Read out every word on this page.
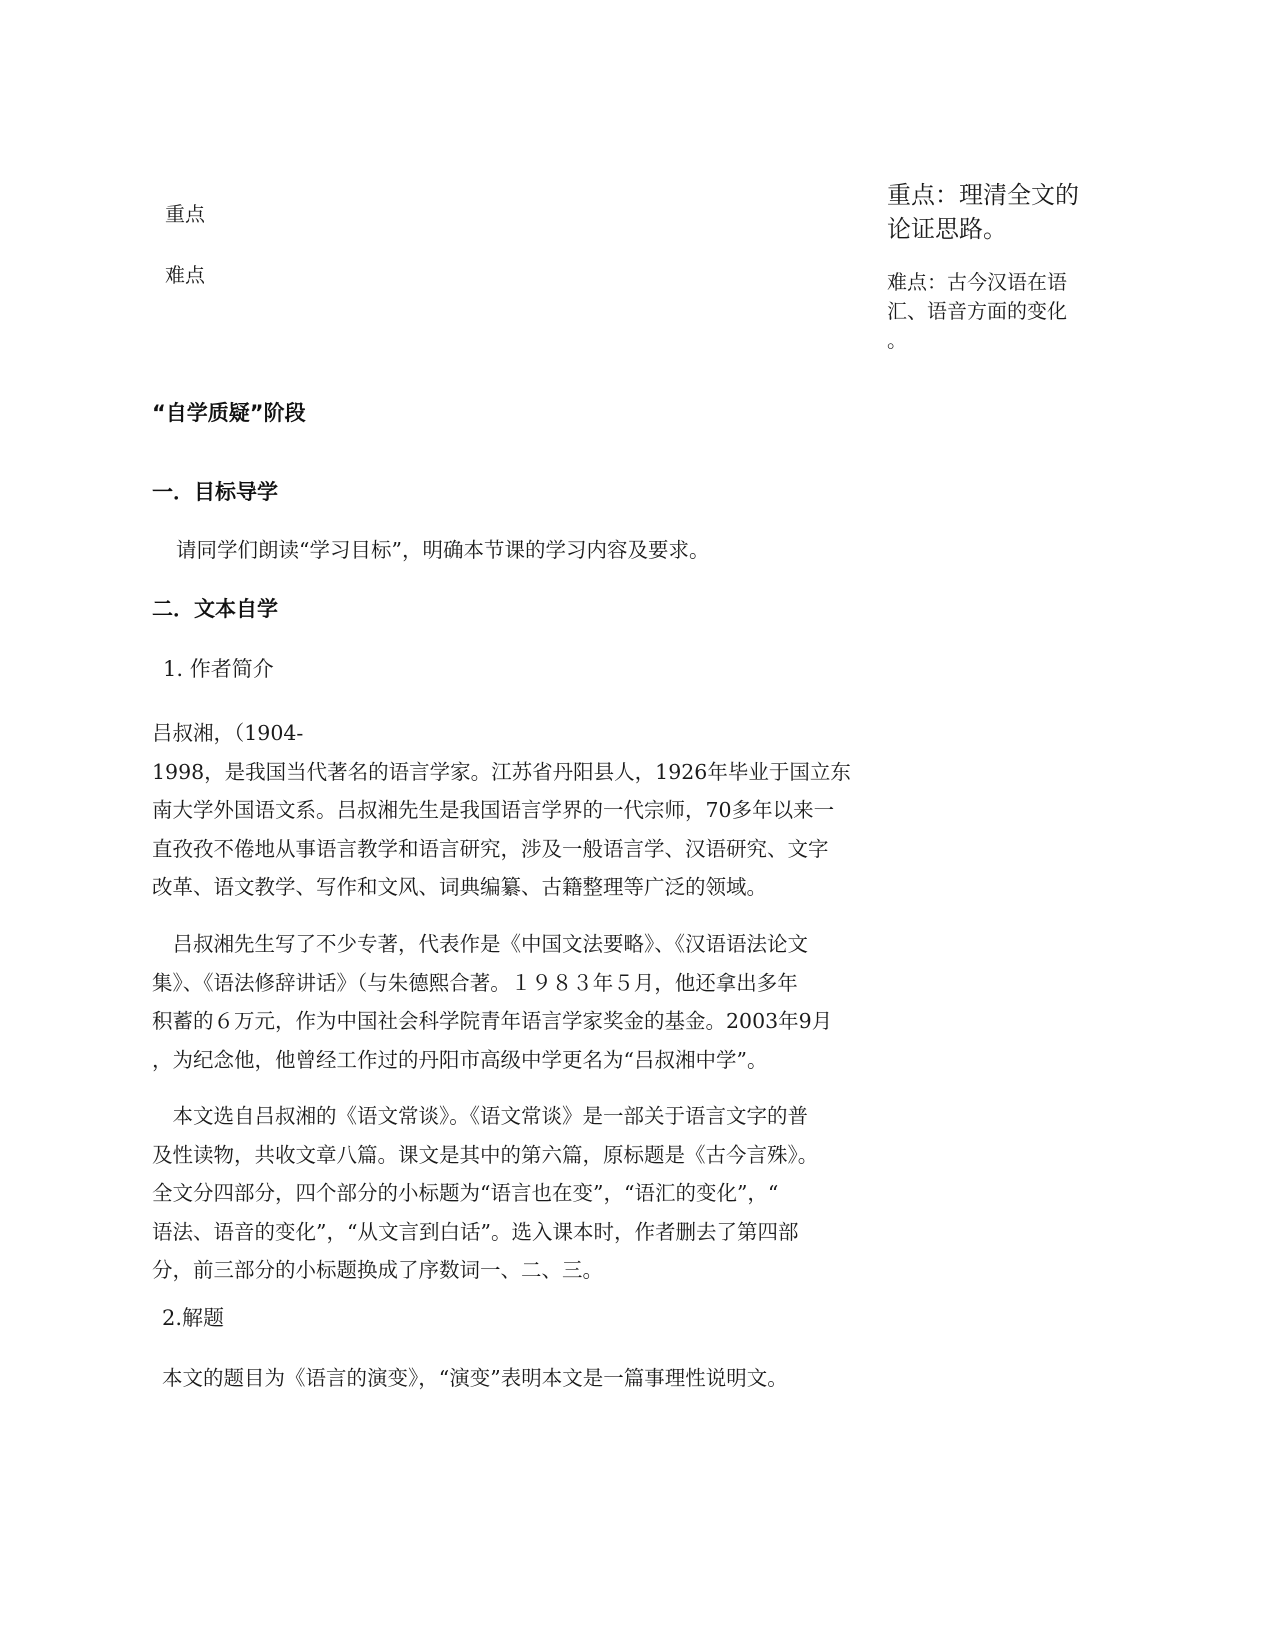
重点
难点
重点：理清全文的
论证思路。
难点：古今汉语在语
汇、语音方面的变化
。
“自学质疑”阶段
一．目标导学
请同学们朗读“学习目标”，明确本节课的学习内容及要求。
二．文本自学
1. 作者简介
吕叔湘，（1904-
1998，是我国当代著名的语言学家。江苏省丹阳县人，1926年毕业于国立东
南大学外国语文系。吕叔湘先生是我国语言学界的一代宗师，70多年以来一
直孜孜不倦地从事语言教学和语言研究，涉及一般语言学、汉语研究、文字
改革、语文教学、写作和文风、词典编纂、古籍整理等广泛的领域。
　吕叔湘先生写了不少专著，代表作是《中国文法要略》、《汉语语法论文
集》、《语法修辞讲话》（与朱德熙合著。１９８３年５月，他还拿出多年
积蓄的６万元，作为中国社会科学院青年语言学家奖金的基金。2003年9月
，为纪念他，他曾经工作过的丹阳市高级中学更名为“吕叔湘中学”。
　本文选自吕叔湘的《语文常谈》。《语文常谈》是一部关于语言文字的普
及性读物，共收文章八篇。课文是其中的第六篇，原标题是《古今言殊》。
全文分四部分，四个部分的小标题为“语言也在变”，“语汇的变化”，“
语法、语音的变化”，“从文言到白话”。选入课本时，作者删去了第四部
分，前三部分的小标题换成了序数词一、二、三。
2.解题
本文的题目为《语言的演变》，“演变”表明本文是一篇事理性说明文。
